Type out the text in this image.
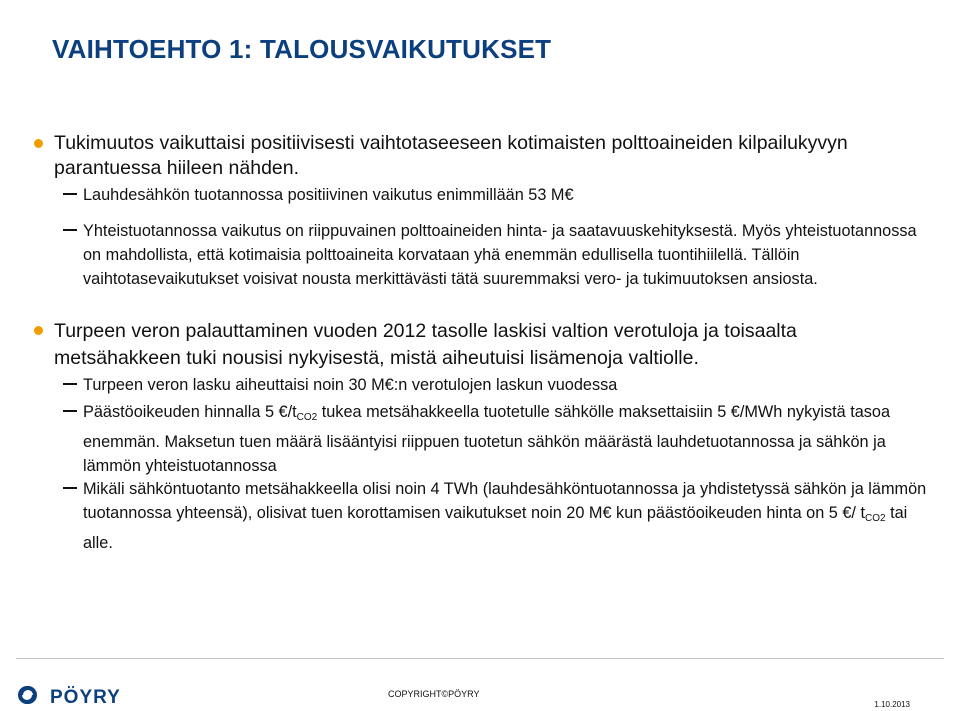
VAIHTOEHTO 1: TALOUSVAIKUTUKSET
Tukimuutos vaikuttaisi positiivisesti vaihtotaseeseen kotimaisten polttoaineiden kilpailukyvyn parantuessa hiileen nähden.
Lauhdesähkön tuotannossa positiivinen vaikutus enimmillään 53 M€
Yhteistuotannossa vaikutus on riippuvainen polttoaineiden hinta- ja saatavuuskehityksestä. Myös yhteistuotannossa on mahdollista, että kotimaisia polttoaineita korvataan yhä enemmän edullisella tuontihiilellä. Tällöin vaihtotasevaikutukset voisivat nousta merkittävästi tätä suuremmaksi vero- ja tukimuutoksen ansiosta.
Turpeen veron palauttaminen vuoden 2012 tasolle laskisi valtion verotuloja ja toisaalta metsähakkeen tuki nousisi nykyisestä, mistä aiheutuisi lisämenoja valtiolle.
Turpeen veron lasku aiheuttaisi noin 30 M€:n verotulojen laskun vuodessa
Päästöoikeuden hinnalla 5 $€/t_{CO2}$ tukea metsähakkeella tuotetulle sähkölle maksettaisiin 5 €/MWh nykyistä tasoa enemmän. Maksetun tuen määrä lisääntyisi riippuen tuotetun sähkön määrästä lauhdetuotannossa ja sähkön ja lämmön yhteistuotannossa
Mikäli sähköntuotanto metsähakkeella olisi noin 4 TWh (lauhdesähköntuotannossa ja yhdistetyssä sähkön ja lämmön tuotannossa yhteensä), olisivat tuen korottamisen vaikutukset noin 20 M€ kun päästöoikeuden hinta on 5 €/ $t_{CO2}$ tai alle.
PÖYRY	COPYRIGHT©PÖYRY
1.10.2013
